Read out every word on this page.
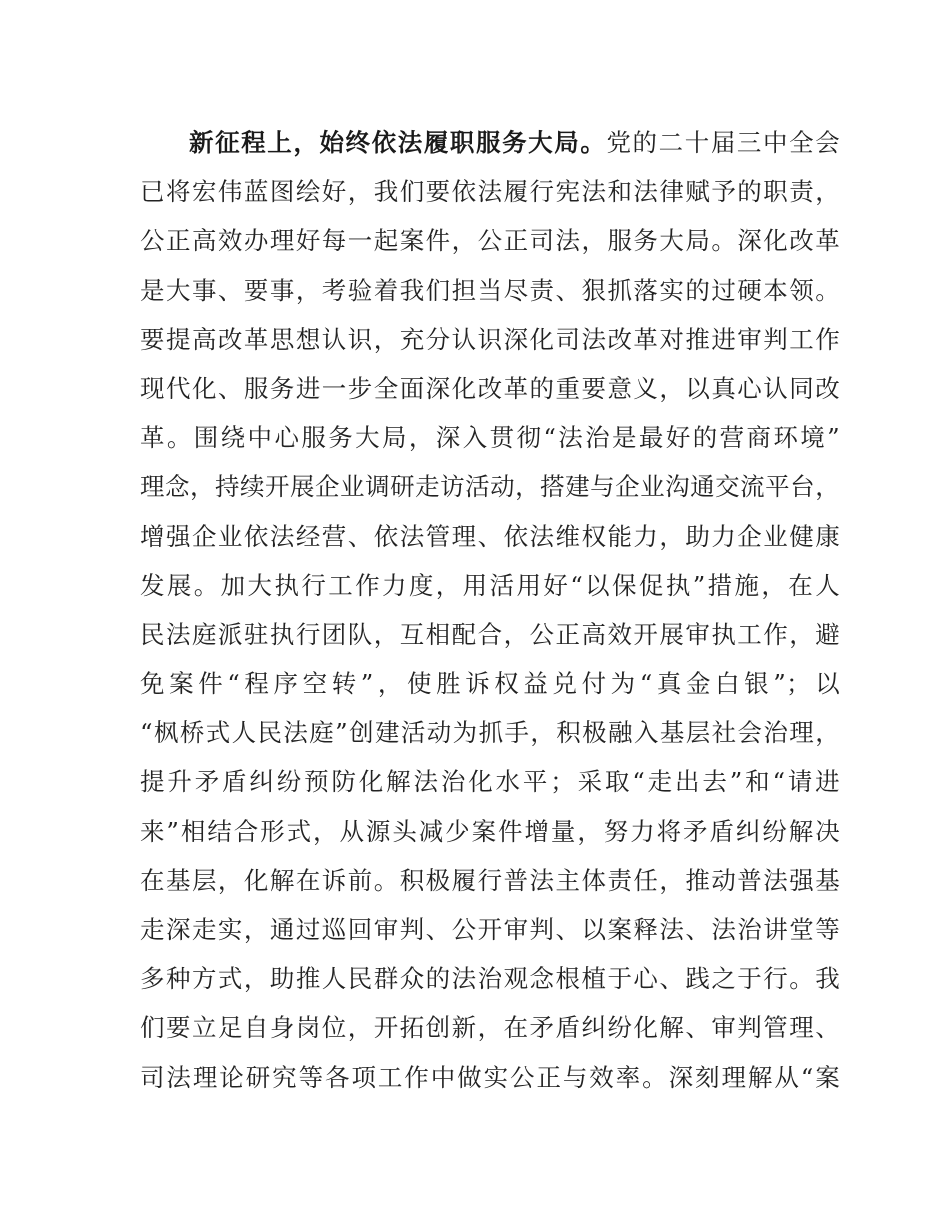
新征程上，始终依法履职服务大局。党的二十届三中全会
已将宏伟蓝图绘好，我们要依法履行宪法和法律赋予的职责，
公正高效办理好每一起案件，公正司法，服务大局。深化改革
是大事、要事，考验着我们担当尽责、狠抓落实的过硬本领。
要提高改革思想认识，充分认识深化司法改革对推进审判工作
现代化、服务进一步全面深化改革的重要意义，以真心认同改
革。围绕中心服务大局，深入贯彻“法治是最好的营商环境”
理念，持续开展企业调研走访活动，搭建与企业沟通交流平台，
增强企业依法经营、依法管理、依法维权能力，助力企业健康
发展。加大执行工作力度，用活用好“以保促执”措施，在人
民法庭派驻执行团队，互相配合，公正高效开展审执工作，避
免案件“程序空转”，使胜诉权益兑付为“真金白银”；以
“枫桥式人民法庭”创建活动为抓手，积极融入基层社会治理，
提升矛盾纠纷预防化解法治化水平；采取“走出去”和“请进
来”相结合形式，从源头减少案件增量，努力将矛盾纠纷解决
在基层，化解在诉前。积极履行普法主体责任，推动普法强基
走深走实，通过巡回审判、公开审判、以案释法、法治讲堂等
多种方式，助推人民群众的法治观念根植于心、践之于行。我
们要立足自身岗位，开拓创新，在矛盾纠纷化解、审判管理、
司法理论研究等各项工作中做实公正与效率。深刻理解从“案
